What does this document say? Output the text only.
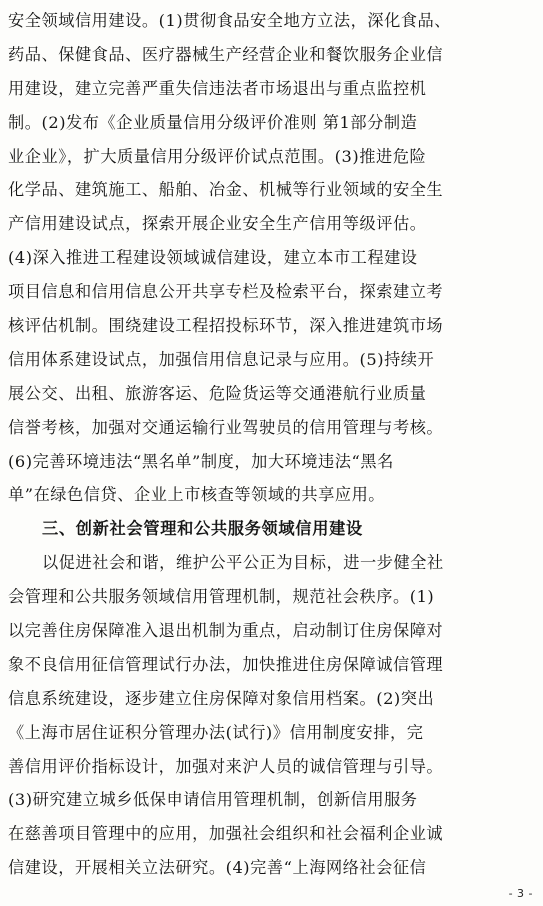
安全领域信用建设。(1)贯彻食品安全地方立法，深化食品、
药品、保健食品、医疗器械生产经营企业和餐饮服务企业信
用建设，建立完善严重失信违法者市场退出与重点监控机
制。(2)发布《企业质量信用分级评价准则 第1部分制造
业企业》，扩大质量信用分级评价试点范围。(3)推进危险
化学品、建筑施工、船舶、冶金、机械等行业领域的安全生
产信用建设试点，探索开展企业安全生产信用等级评估。
(4)深入推进工程建设领域诚信建设，建立本市工程建设
项目信息和信用信息公开共享专栏及检索平台，探索建立考
核评估机制。围绕建设工程招投标环节，深入推进建筑市场
信用体系建设试点，加强信用信息记录与应用。(5)持续开
展公交、出租、旅游客运、危险货运等交通港航行业质量
信誉考核，加强对交通运输行业驾驶员的信用管理与考核。
(6)完善环境违法“黑名单”制度，加大环境违法“黑名
单”在绿色信贷、企业上市核查等领域的共享应用。
三、创新社会管理和公共服务领域信用建设
以促进社会和谐，维护公平公正为目标，进一步健全社
会管理和公共服务领域信用管理机制，规范社会秩序。(1)
以完善住房保障准入退出机制为重点，启动制订住房保障对
象不良信用征信管理试行办法，加快推进住房保障诚信管理
信息系统建设，逐步建立住房保障对象信用档案。(2)突出
《上海市居住证积分管理办法(试行)》信用制度安排，完
善信用评价指标设计，加强对来沪人员的诚信管理与引导。
(3)研究建立城乡低保申请信用管理机制，创新信用服务
在慈善项目管理中的应用，加强社会组织和社会福利企业诚
信建设，开展相关立法研究。(4)完善“上海网络社会征信
- 3 -
